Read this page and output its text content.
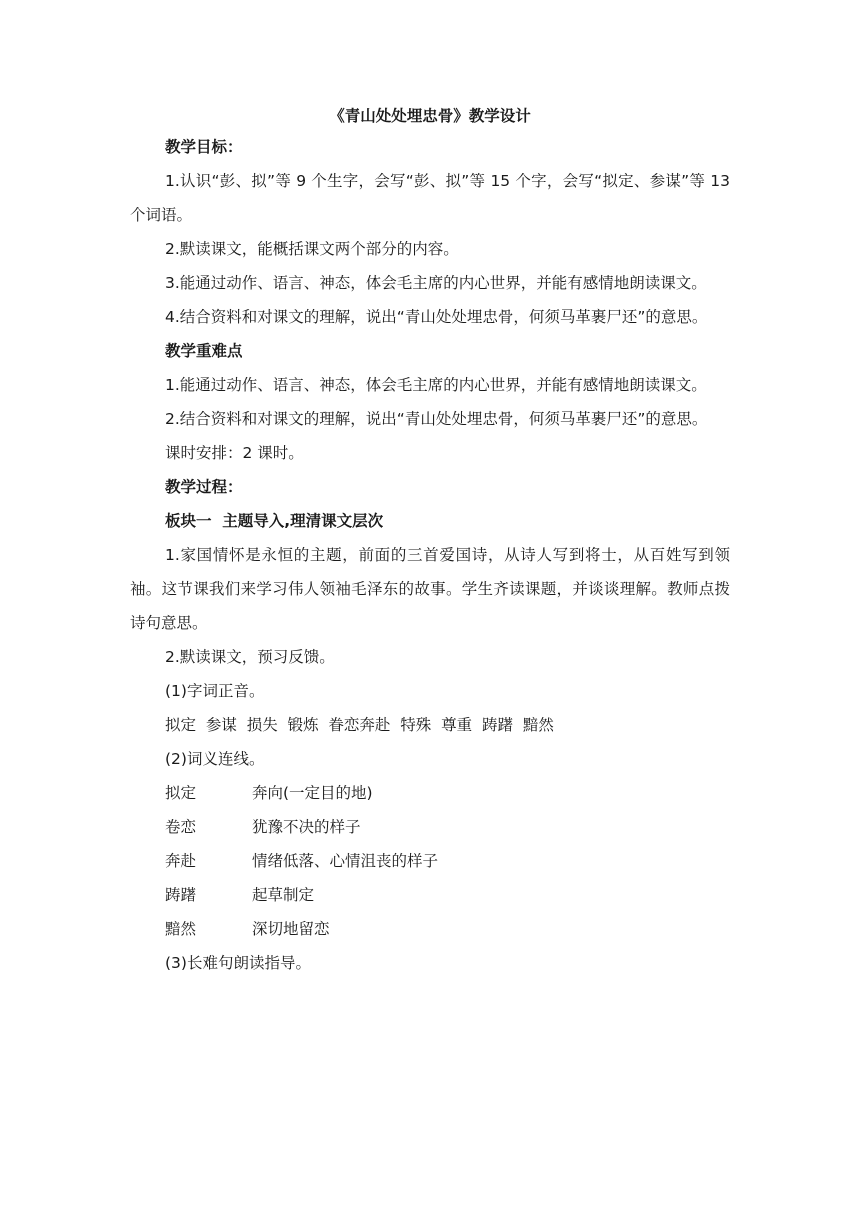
《青山处处埋忠骨》教学设计

教学目标：

1.认识“彭、拟”等 9 个生字，会写“彭、拟”等 15 个字，会写“拟定、参谋”等 13 个词语。

2.默读课文，能概括课文两个部分的内容。

3.能通过动作、语言、神态，体会毛主席的内心世界，并能有感情地朗读课文。

4.结合资料和对课文的理解，说出“青山处处埋忠骨，何须马革裹尸还”的意思。

教学重难点

1.能通过动作、语言、神态，体会毛主席的内心世界，并能有感情地朗读课文。

2.结合资料和对课文的理解，说出“青山处处埋忠骨，何须马革裹尸还”的意思。

课时安排：2 课时。

教学过程：

板块一  主题导入,理清课文层次

1.家国情怀是永恒的主题，前面的三首爱国诗，从诗人写到将士，从百姓写到领袖。这节课我们来学习伟人领袖毛泽东的故事。学生齐读课题，并谈谈理解。教师点拨诗句意思。

2.默读课文，预习反馈。

(1)字词正音。

拟定  参谋  损失  锻炼  眷恋奔赴  特殊  尊重  踌躇  黯然

(2)词义连线。

拟定	奔向(一定目的地)
卷恋	犹豫不决的样子
奔赴	情绪低落、心情沮丧的样子
踌躇	起草制定
黯然	深切地留恋

(3)长难句朗读指导。
